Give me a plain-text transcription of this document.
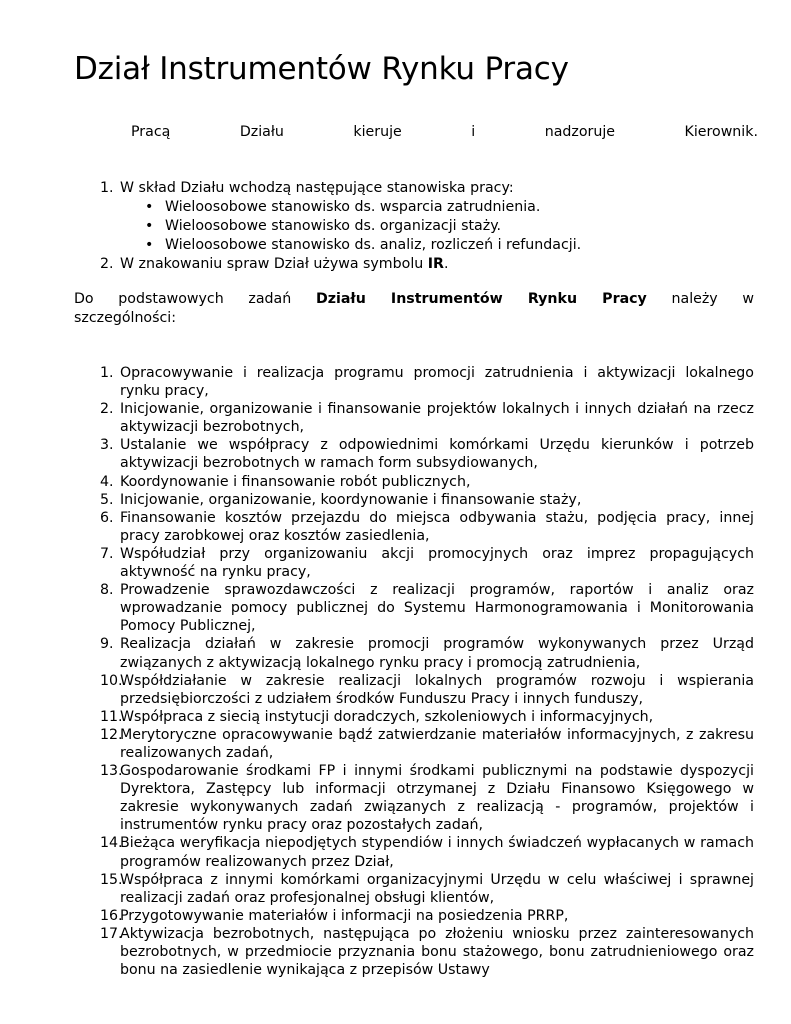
Dział Instrumentów Rynku Pracy
Pracą	Działu	kieruje	i	nadzoruje	Kierownik.
1. W skład Działu wchodzą następujące stanowiska pracy:
• Wieloosobowe stanowisko ds. wsparcia zatrudnienia.
• Wieloosobowe stanowisko ds. organizacji staży.
• Wieloosobowe stanowisko ds. analiz, rozliczeń i refundacji.
2. W znakowaniu spraw Dział używa symbolu IR.
Do podstawowych zadań Działu Instrumentów Rynku Pracy należy w
szczególności:
1. Opracowywanie i realizacja programu promocji zatrudnienia i aktywizacji lokalnego rynku pracy,
2. Inicjowanie, organizowanie i finansowanie projektów lokalnych i innych działań na rzecz aktywizacji bezrobotnych,
3. Ustalanie we współpracy z odpowiednimi komórkami Urzędu kierunków i potrzeb aktywizacji bezrobotnych w ramach form subsydiowanych,
4. Koordynowanie i finansowanie robót publicznych,
5. Inicjowanie, organizowanie, koordynowanie i finansowanie staży,
6. Finansowanie kosztów przejazdu do miejsca odbywania stażu, podjęcia pracy, innej pracy zarobkowej oraz kosztów zasiedlenia,
7. Współudział przy organizowaniu akcji promocyjnych oraz imprez propagujących aktywność na rynku pracy,
8. Prowadzenie sprawozdawczości z realizacji programów, raportów i analiz oraz wprowadzanie pomocy publicznej do Systemu Harmonogramowania i Monitorowania Pomocy Publicznej,
9. Realizacja działań w zakresie promocji programów wykonywanych przez Urząd związanych z aktywizacją lokalnego rynku pracy i promocją zatrudnienia,
10.
Współdziałanie w zakresie realizacji lokalnych programów rozwoju i wspierania przedsiębiorczości z udziałem środków Funduszu Pracy i innych funduszy,
11.
Współpraca z siecią instytucji doradczych, szkoleniowych i informacyjnych,
12.
Merytoryczne opracowywanie bądź zatwierdzanie materiałów informacyjnych, z zakresu realizowanych zadań,
13.
Gospodarowanie środkami FP i innymi środkami publicznymi na podstawie dyspozycji Dyrektora, Zastępcy lub informacji otrzymanej z Działu Finansowo Księgowego w zakresie wykonywanych zadań związanych z realizacją - programów, projektów i instrumentów rynku pracy oraz pozostałych zadań,
14.
Bieżąca weryfikacja niepodjętych stypendiów i innych świadczeń wypłacanych w ramach programów realizowanych przez Dział,
15.
Współpraca z innymi komórkami organizacyjnymi Urzędu w celu właściwej i sprawnej realizacji zadań oraz profesjonalnej obsługi klientów,
16.
Przygotowywanie materiałów i informacji na posiedzenia PRRP,
17.
Aktywizacja bezrobotnych, następująca po złożeniu wniosku przez zainteresowanych bezrobotnych, w przedmiocie przyznania bonu stażowego, bonu zatrudnieniowego oraz bonu na zasiedlenie wynikająca z przepisów Ustawy
